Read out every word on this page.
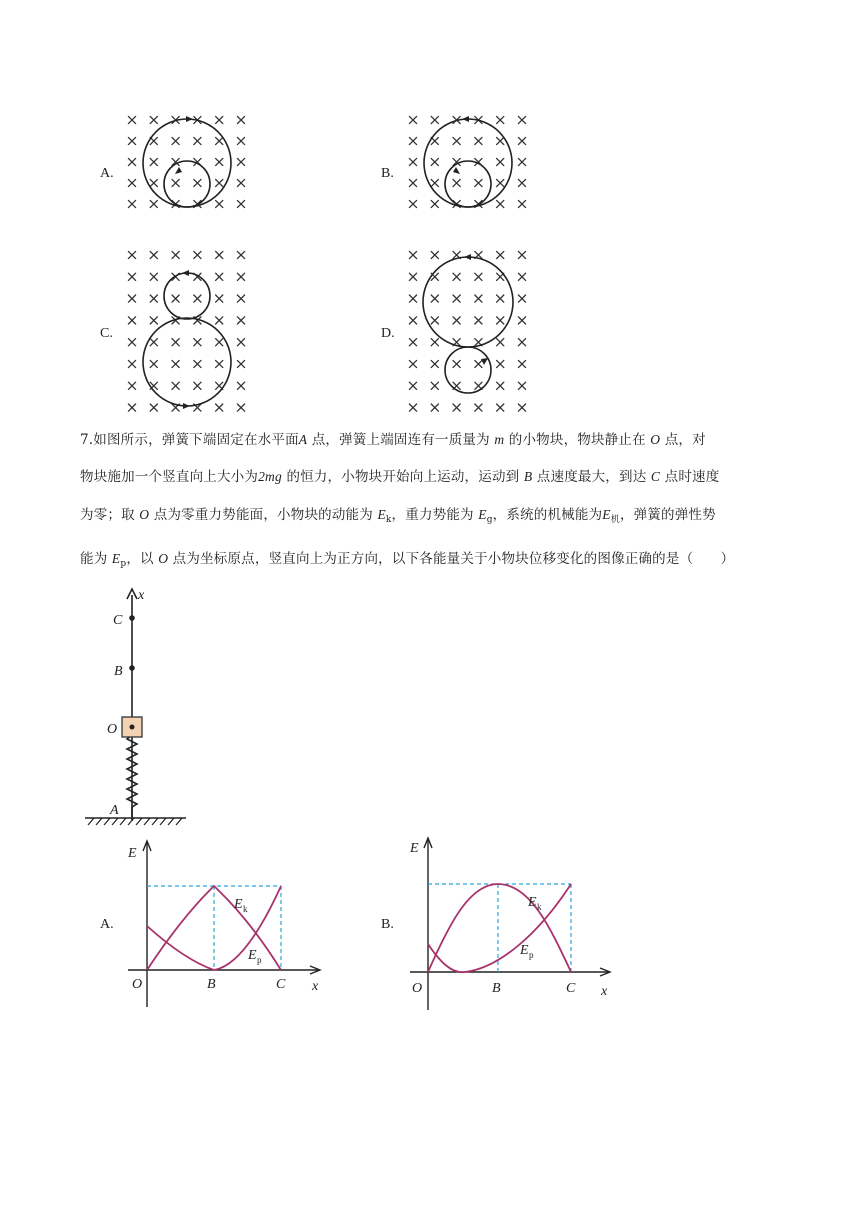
A.	B.
C.	D.
7.如图所示，弹簧下端固定在水平面A 点，弹簧上端固连有一质量为 m 的小物块，物块静止在 O 点，对
物块施加一个竖直向上大小为2mg 的恒力，小物块开始向上运动，运动到 B 点速度最大，到达 C 点时速度
为零；取 O 点为零重力势能面，小物块的动能为 $E_k$，重力势能为 $E_g$，系统的机械能为$E_机$，弹簧的弹性势
能为 $E_p$，以 O 点为坐标原点，竖直向上为正方向，以下各能量关于小物块位移变化的图像正确的是（　　）
x
C
B
O
A
A.
E
O	B	C x
E k
E p
B.
E
O	B	C x
E k
E p
